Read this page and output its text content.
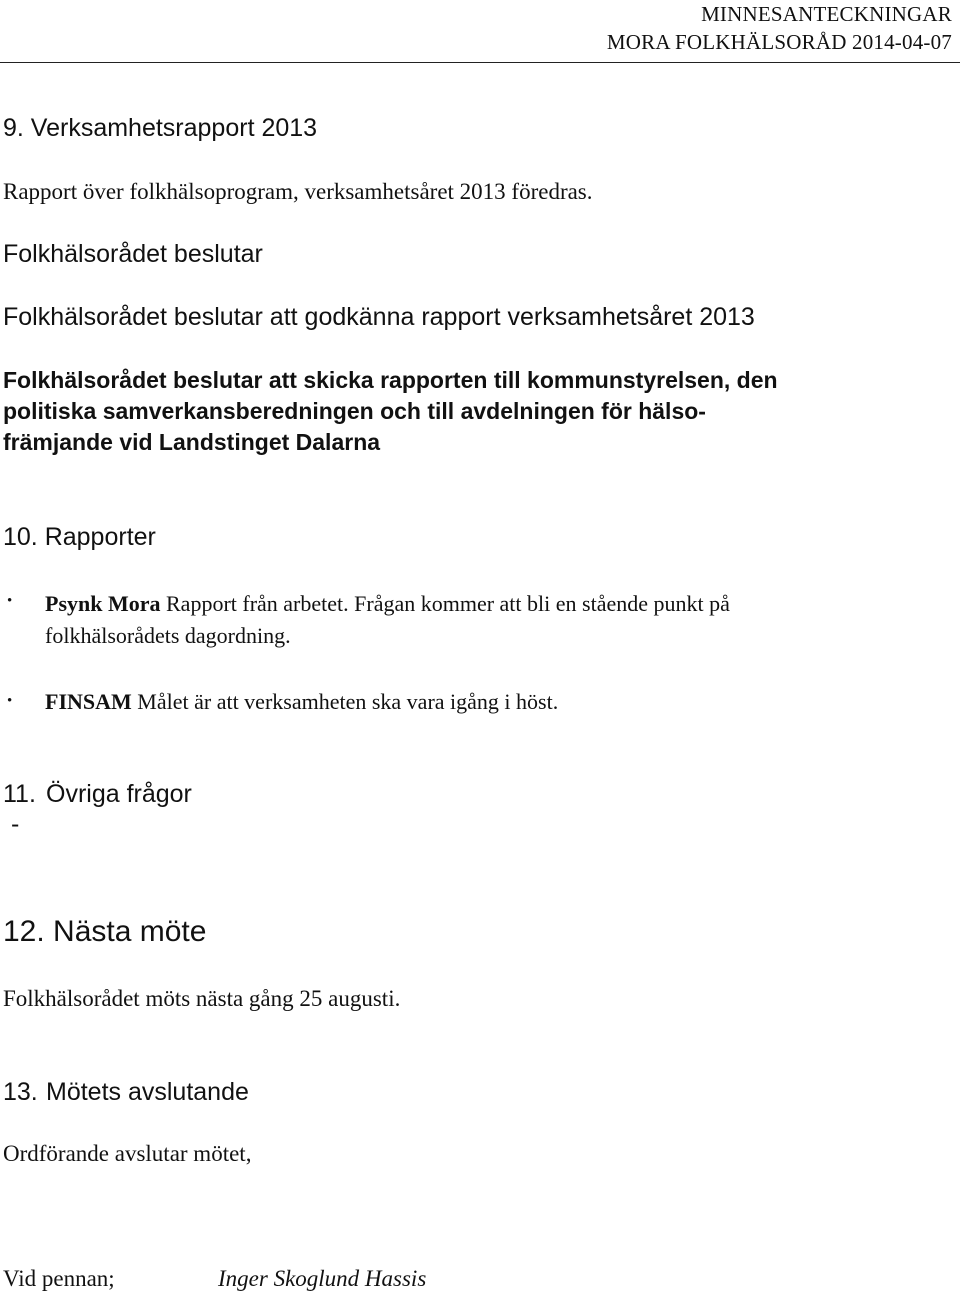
MINNESANTECKNINGAR
MORA FOLKHÄLSORÅD 2014-04-07
9. Verksamhetsrapport 2013
Rapport över folkhälsoprogram, verksamhetsåret 2013 föredras.
Folkhälsorådet beslutar
Folkhälsorådet beslutar att godkänna rapport verksamhetsåret 2013
Folkhälsorådet beslutar att skicka rapporten till kommunstyrelsen, den
politiska samverkansberedningen och till avdelningen för hälso-
främjande vid Landstinget Dalarna
10. Rapporter
• Psynk Mora Rapport från arbetet. Frågan kommer att bli en stående punkt på
folkhälsorådets dagordning.
• FINSAM Målet är att verksamheten ska vara igång i höst.
11. Övriga frågor
-
12. Nästa möte
Folkhälsorådet möts nästa gång 25 augusti.
13. Mötets avslutande
Ordförande avslutar mötet,
Vid pennan;	Inger Skoglund Hassis
